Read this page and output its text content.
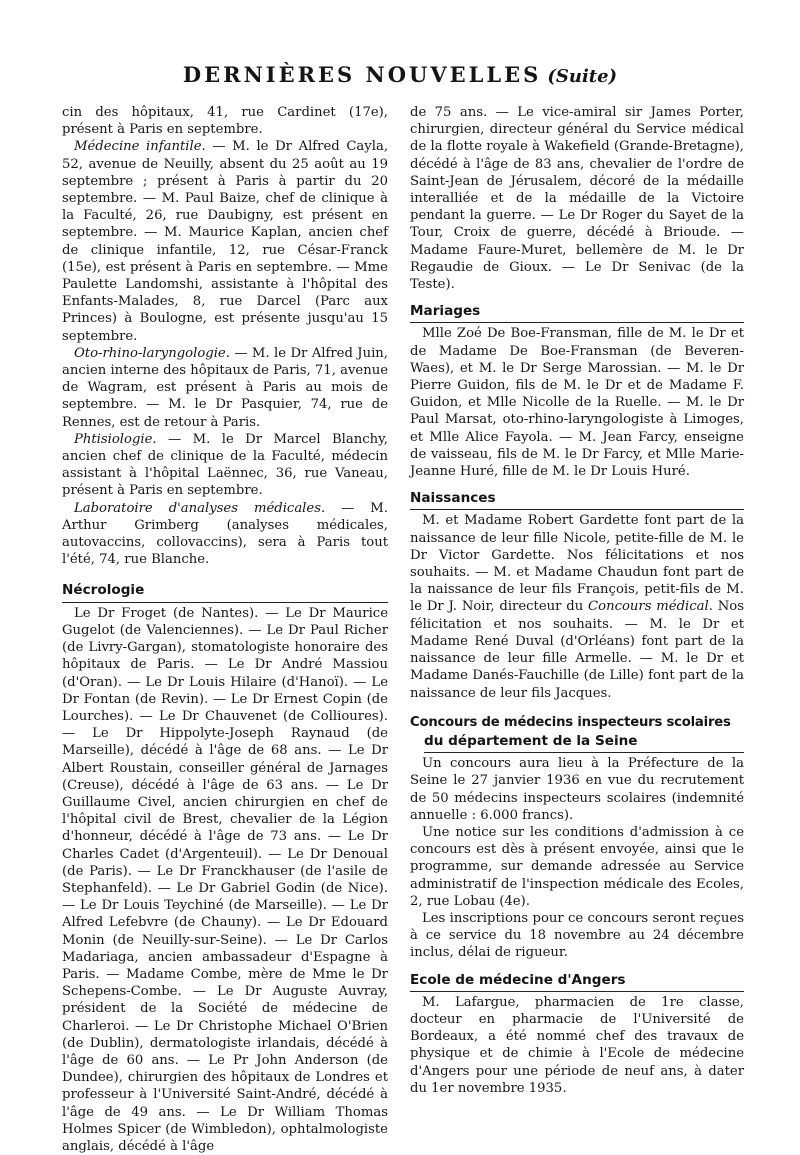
DERNIÈRES NOUVELLES (Suite)

cin des hôpitaux, 41, rue Cardinet (17e), présent à Paris en septembre.

Médecine infantile. — M. le Dr Alfred Cayla, 52, avenue de Neuilly, absent du 25 août au 19 septembre ; présent à Paris à partir du 20 septembre. — M. Paul Baize, chef de clinique à la Faculté, 26, rue Daubigny, est présent en septembre. — M. Maurice Kaplan, ancien chef de clinique infantile, 12, rue César-Franck (15e), est présent à Paris en septembre. — Mme Paulette Landomshi, assistante à l'hôpital des Enfants-Malades, 8, rue Darcel (Parc aux Princes) à Boulogne, est présente jusqu'au 15 septembre.

Oto-rhino-laryngologie. — M. le Dr Alfred Juin, ancien interne des hôpitaux de Paris, 71, avenue de Wagram, est présent à Paris au mois de septembre. — M. le Dr Pasquier, 74, rue de Rennes, est de retour à Paris.

Phtisiologie. — M. le Dr Marcel Blanchy, ancien chef de clinique de la Faculté, médecin assistant à l'hôpital Laënnec, 36, rue Vaneau, présent à Paris en septembre.

Laboratoire d'analyses médicales. — M. Arthur Grimberg (analyses médicales, autovaccins, collovaccins), sera à Paris tout l'été, 74, rue Blanche.

Nécrologie

Le Dr Froget (de Nantes). — Le Dr Maurice Gugelot (de Valenciennes). — Le Dr Paul Richer (de Livry-Gargan), stomatologiste honoraire des hôpitaux de Paris. — Le Dr André Massiou (d'Oran). — Le Dr Louis Hilaire (d'Hanoï). — Le Dr Fontan (de Revin). — Le Dr Ernest Copin (de Lourches). — Le Dr Chauvenet (de Collioures). — Le Dr Hippolyte-Joseph Raynaud (de Marseille), décédé à l'âge de 68 ans. — Le Dr Albert Roustain, conseiller général de Jarnages (Creuse), décédé à l'âge de 63 ans. — Le Dr Guillaume Civel, ancien chirurgien en chef de l'hôpital civil de Brest, chevalier de la Légion d'honneur, décédé à l'âge de 73 ans. — Le Dr Charles Cadet (d'Argenteuil). — Le Dr Denoual (de Paris). — Le Dr Franckhauser (de l'asile de Stephanfeld). — Le Dr Gabriel Godin (de Nice). — Le Dr Louis Teychiné (de Marseille). — Le Dr Alfred Lefebvre (de Chauny). — Le Dr Edouard Monin (de Neuilly-sur-Seine). — Le Dr Carlos Madariaga, ancien ambassadeur d'Espagne à Paris. — Madame Combe, mère de Mme le Dr Schepens-Combe. — Le Dr Auguste Auvray, président de la Société de médecine de Charleroi. — Le Dr Christophe Michael O'Brien (de Dublin), dermatologiste irlandais, décédé à l'âge de 60 ans. — Le Pr John Anderson (de Dundee), chirurgien des hôpitaux de Londres et professeur à l'Université Saint-André, décédé à l'âge de 49 ans. — Le Dr William Thomas Holmes Spicer (de Wimbledon), ophtalmologiste anglais, décédé à l'âge

de 75 ans. — Le vice-amiral sir James Porter, chirurgien, directeur général du Service médical de la flotte royale à Wakefield (Grande-Bretagne), décédé à l'âge de 83 ans, chevalier de l'ordre de Saint-Jean de Jérusalem, décoré de la médaille interalliée et de la médaille de la Victoire pendant la guerre. — Le Dr Roger du Sayet de la Tour, Croix de guerre, décédé à Brioude. — Madame Faure-Muret, bellemère de M. le Dr Regaudie de Gioux. — Le Dr Senivac (de la Teste).

Mariages

Mlle Zoé De Boe-Fransman, fille de M. le Dr et de Madame De Boe-Fransman (de Beveren-Waes), et M. le Dr Serge Marossian. — M. le Dr Pierre Guidon, fils de M. le Dr et de Madame F. Guidon, et Mlle Nicolle de la Ruelle. — M. le Dr Paul Marsat, oto-rhino-laryngologiste à Limoges, et Mlle Alice Fayola. — M. Jean Farcy, enseigne de vaisseau, fils de M. le Dr Farcy, et Mlle Marie-Jeanne Huré, fille de M. le Dr Louis Huré.

Naissances

M. et Madame Robert Gardette font part de la naissance de leur fille Nicole, petite-fille de M. le Dr Victor Gardette. Nos félicitations et nos souhaits. — M. et Madame Chaudun font part de la naissance de leur fils François, petit-fils de M. le Dr J. Noir, directeur du Concours médical. Nos félicitation et nos souhaits. — M. le Dr et Madame René Duval (d'Orléans) font part de la naissance de leur fille Armelle. — M. le Dr et Madame Danés-Fauchille (de Lille) font part de la naissance de leur fils Jacques.

Concours de médecins inspecteurs scolaires
du département de la Seine

Un concours aura lieu à la Préfecture de la Seine le 27 janvier 1936 en vue du recrutement de 50 médecins inspecteurs scolaires (indemnité annuelle : 6.000 francs).

Une notice sur les conditions d'admission à ce concours est dès à présent envoyée, ainsi que le programme, sur demande adressée au Service administratif de l'inspection médicale des Ecoles, 2, rue Lobau (4e).

Les inscriptions pour ce concours seront reçues à ce service du 18 novembre au 24 décembre inclus, délai de rigueur.

Ecole de médecine d'Angers

M. Lafargue, pharmacien de 1re classe, docteur en pharmacie de l'Université de Bordeaux, a été nommé chef des travaux de physique et de chimie à l'Ecole de médecine d'Angers pour une période de neuf ans, à dater du 1er novembre 1935.
